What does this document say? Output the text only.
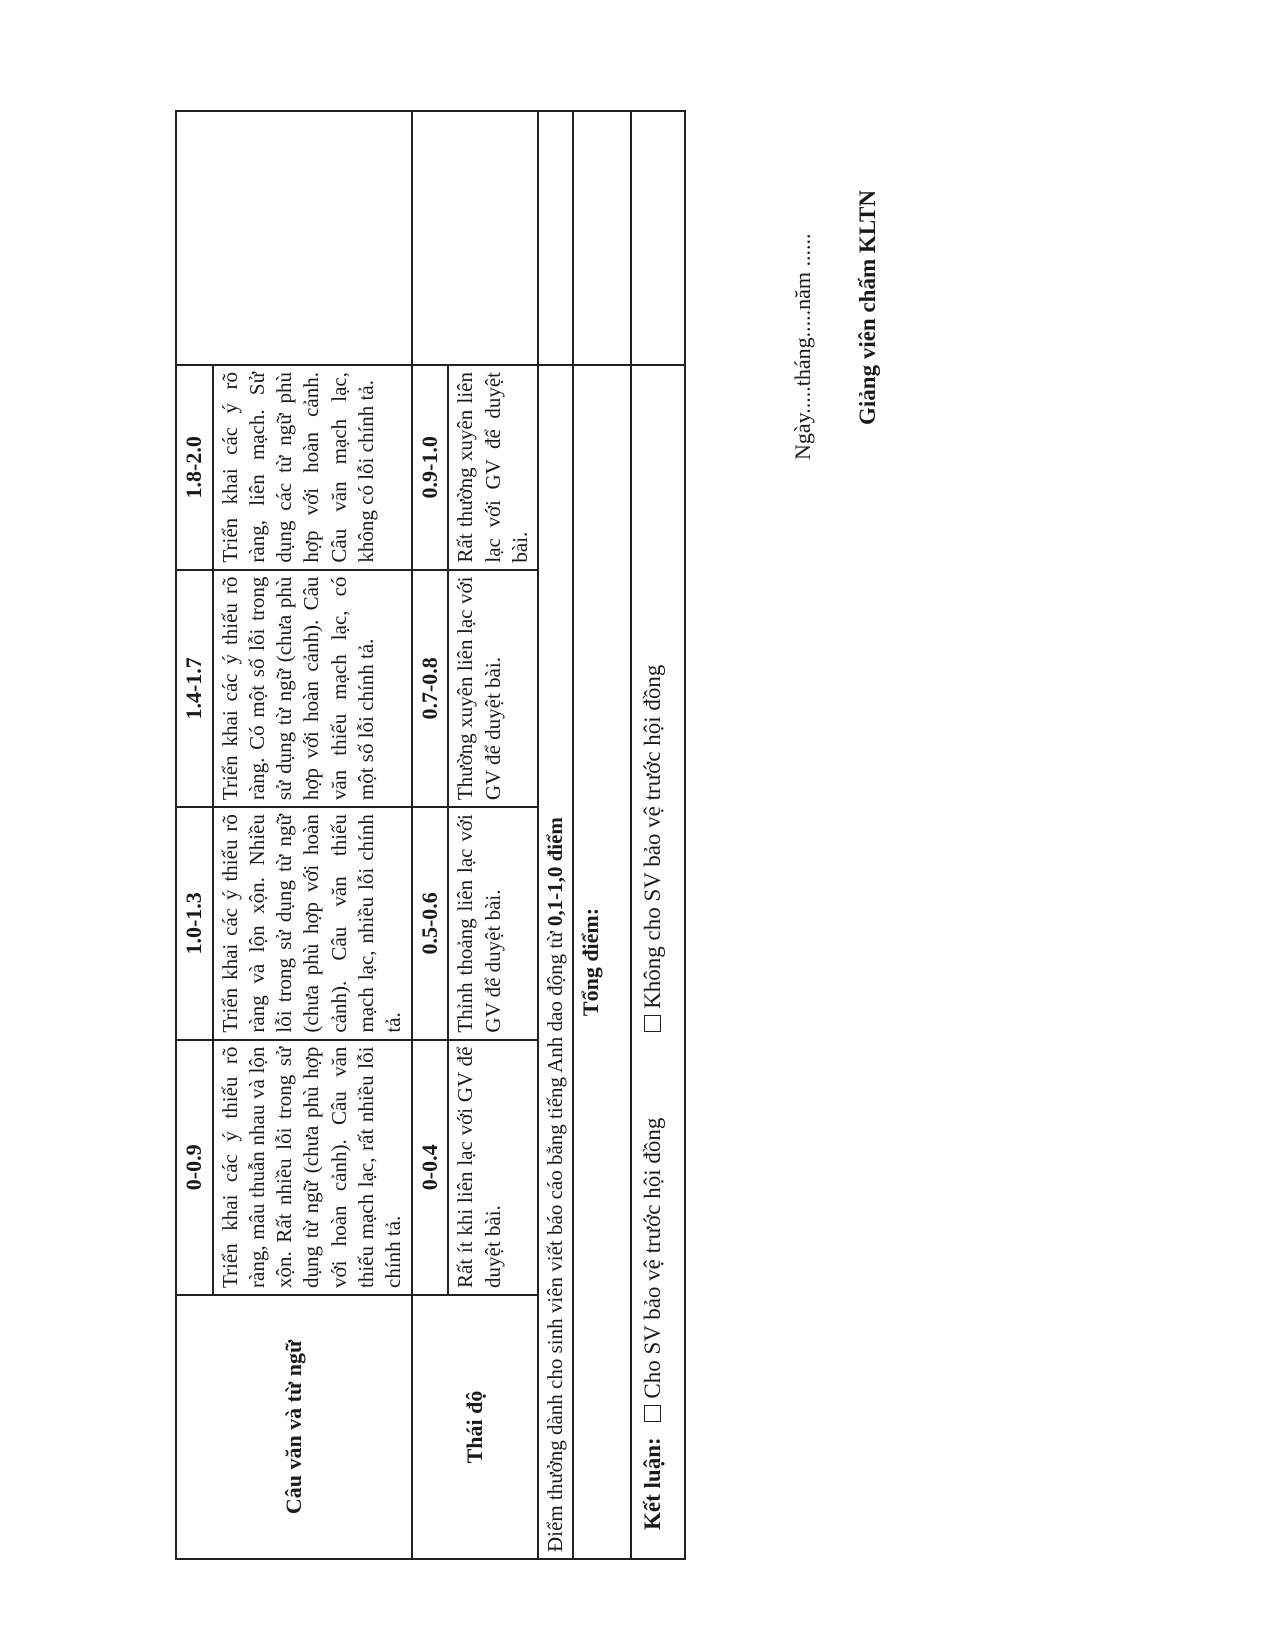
Câu văn và từ ngữ	0-0.9	1.0-1.3	1.4-1.7	1.8-2.0	
	Triển khai các ý thiếu rõ ràng, mâu thuẫn nhau và lộn xộn. Rất nhiều lỗi trong sử dụng từ ngữ (chưa phù hợp với hoàn cảnh). Câu văn thiếu mạch lạc, rất nhiều lỗi chính tả.	Triển khai các ý thiếu rõ ràng và lộn xộn. Nhiều lỗi trong sử dụng từ ngữ (chưa phù hợp với hoàn cảnh). Câu văn thiếu mạch lạc, nhiều lỗi chính tả.	Triển khai các ý thiếu rõ ràng. Có một số lỗi trong sử dụng từ ngữ (chưa phù hợp với hoàn cảnh). Câu văn thiếu mạch lạc, có một số lỗi chính tả.	Triển khai các ý rõ ràng, liên mạch. Sử dụng các từ ngữ phù hợp với hoàn cảnh. Câu văn mạch lạc, không có lỗi chính tả.	
Thái độ	0-0.4	0.5-0.6	0.7-0.8	0.9-1.0	
	Rất ít khi liên lạc với GV để duyệt bài.	Thỉnh thoảng liên lạc với GV để duyệt bài.	Thường xuyên liên lạc với GV để duyệt bài.	Rất thường xuyên liên lạc với GV để duyệt bài.	
Điểm thưởng dành cho sinh viên viết báo cáo bằng tiếng Anh dao động từ 0,1-1,0 điểm					
Tổng điểm:					

Kết luận: Cho SV bảo vệ trước hội đồng Không cho SV bảo vệ trước hội đồng
Ngày.....tháng.....năm ...... Giảng viên chấm KLTN
